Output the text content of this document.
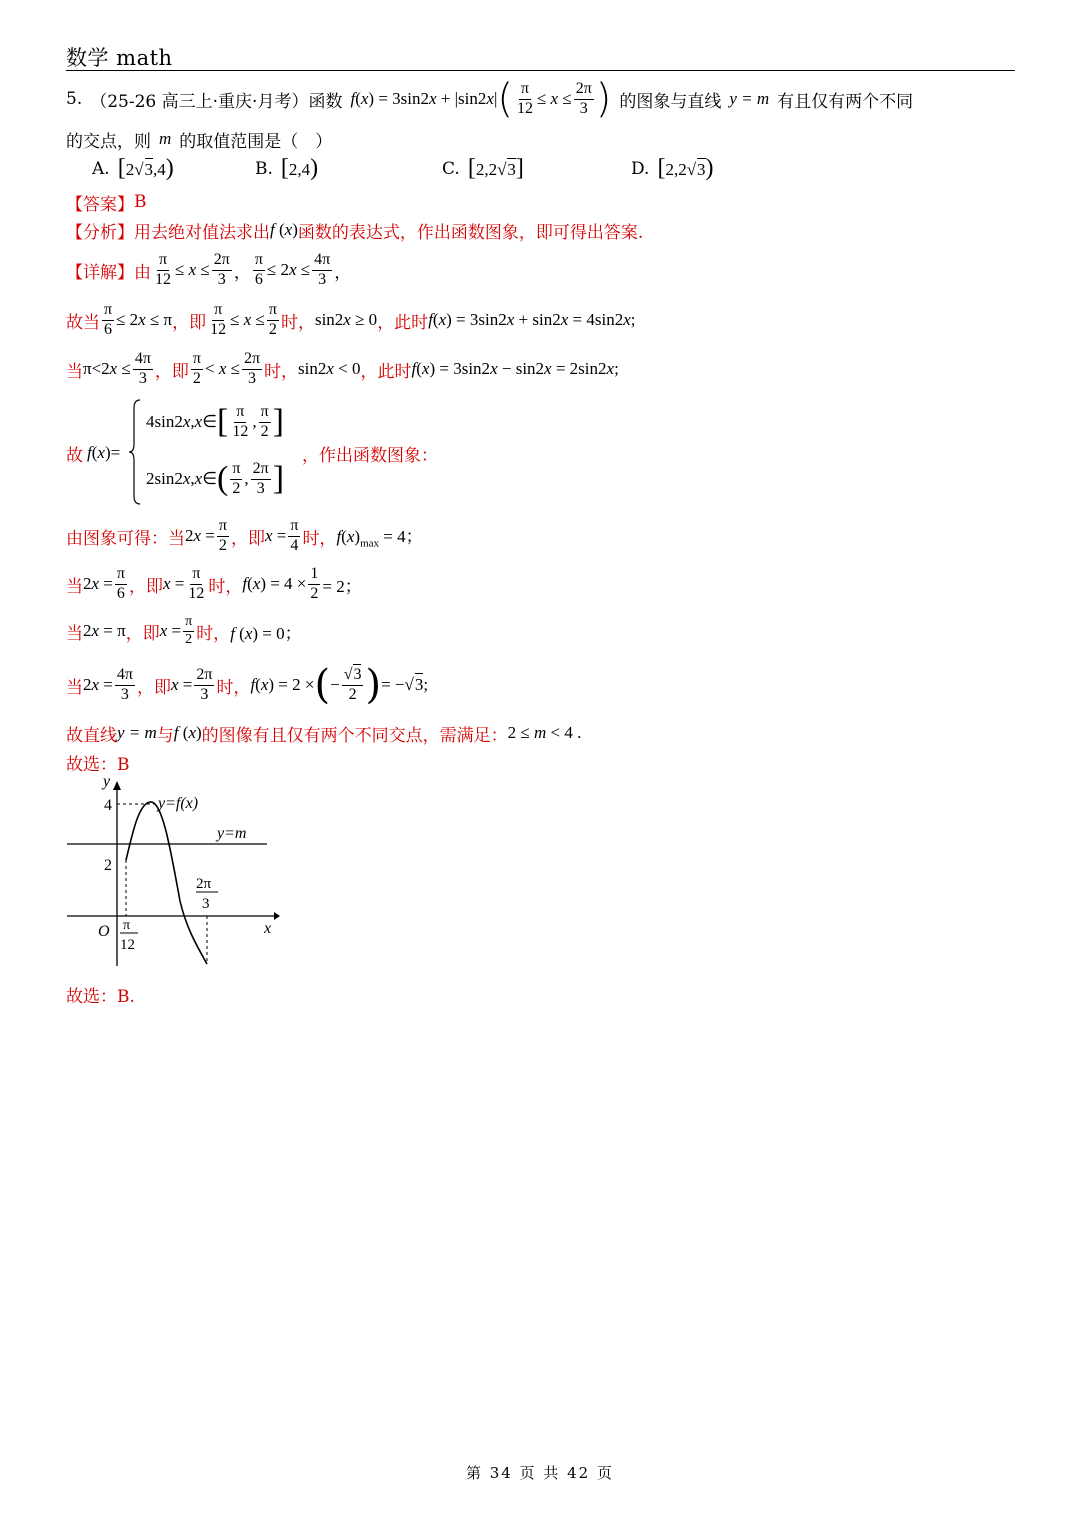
数学 math
5. （25-26 高三上·重庆·月考）函数 f(x) = 3sin2x + |sin2x| ( $\frac{\pi}{12} \le x \le \frac{2\pi}{3}$ ) 的图象与直线 y = m 有且仅有两个不同
的交点，则 m 的取值范围是（　）
A. [2√3,4)	B. [2,4)	C. [2,2√3]	D. [2,2√3)
【答案】 B
【分析】 用去绝对值法求出 f (x) 函数的表达式，作出函数图象，即可得出答案.
【详解】 由 $\frac{\pi}{12} \le x \le \frac{2\pi}{3}$ ， $\frac{\pi}{6} \le 2x \le \frac{4\pi}{3}$ ，
故当 $\frac{\pi}{6} \le 2x \le \pi$ ，即 $\frac{\pi}{12} \le x \le \frac{\pi}{2}$ 时， sin2x ≥ 0 ，此时 f(x) = 3sin2x + sin2x = 4sin2x;
当 $\pi<2x \le \frac{4\pi}{3}$ ，即 $\frac{\pi}{2} < x \le \frac{2\pi}{3}$ 时， sin2x < 0 ，此时 f(x) = 3sin2x − sin2x = 2sin2x;
故 f(x)=
4sin2 x , x ∈ [ $\frac{\pi}{12}$ , $\frac{\pi}{2}$ ]
2sin2 x , x ∈ ( $\frac{\pi}{2}$ , $\frac{2\pi}{3}$ ]
，作出函数图象：
由图象可得：当 $2x = \frac{\pi}{2}$ ，即 $x = \frac{\pi}{4}$ 时， $f(x)_{max} = 4$；
当 $2x = \frac{\pi}{6}$ ，即 $x = \frac{\pi}{12}$ 时， $f(x) = 4 \times \frac{1}{2} = 2$；
当 2x = π ，即 $x = \frac{\pi}{2}$ 时， f (x) = 0；
当 $2x = \frac{4\pi}{3}$ ，即 $x = \frac{2\pi}{3}$ 时， f(x) = 2 × ( − $\frac{√3}{2}$ ) = −√3;
故直线 y = m 与 f (x) 的图像有且仅有两个不同交点，需满足： 2 ≤ m < 4 .
故选：B
y
x
O
4
2
y=f(x)
y=m
π
12
2π
3
故选：B.
第 34 页 共 42 页
